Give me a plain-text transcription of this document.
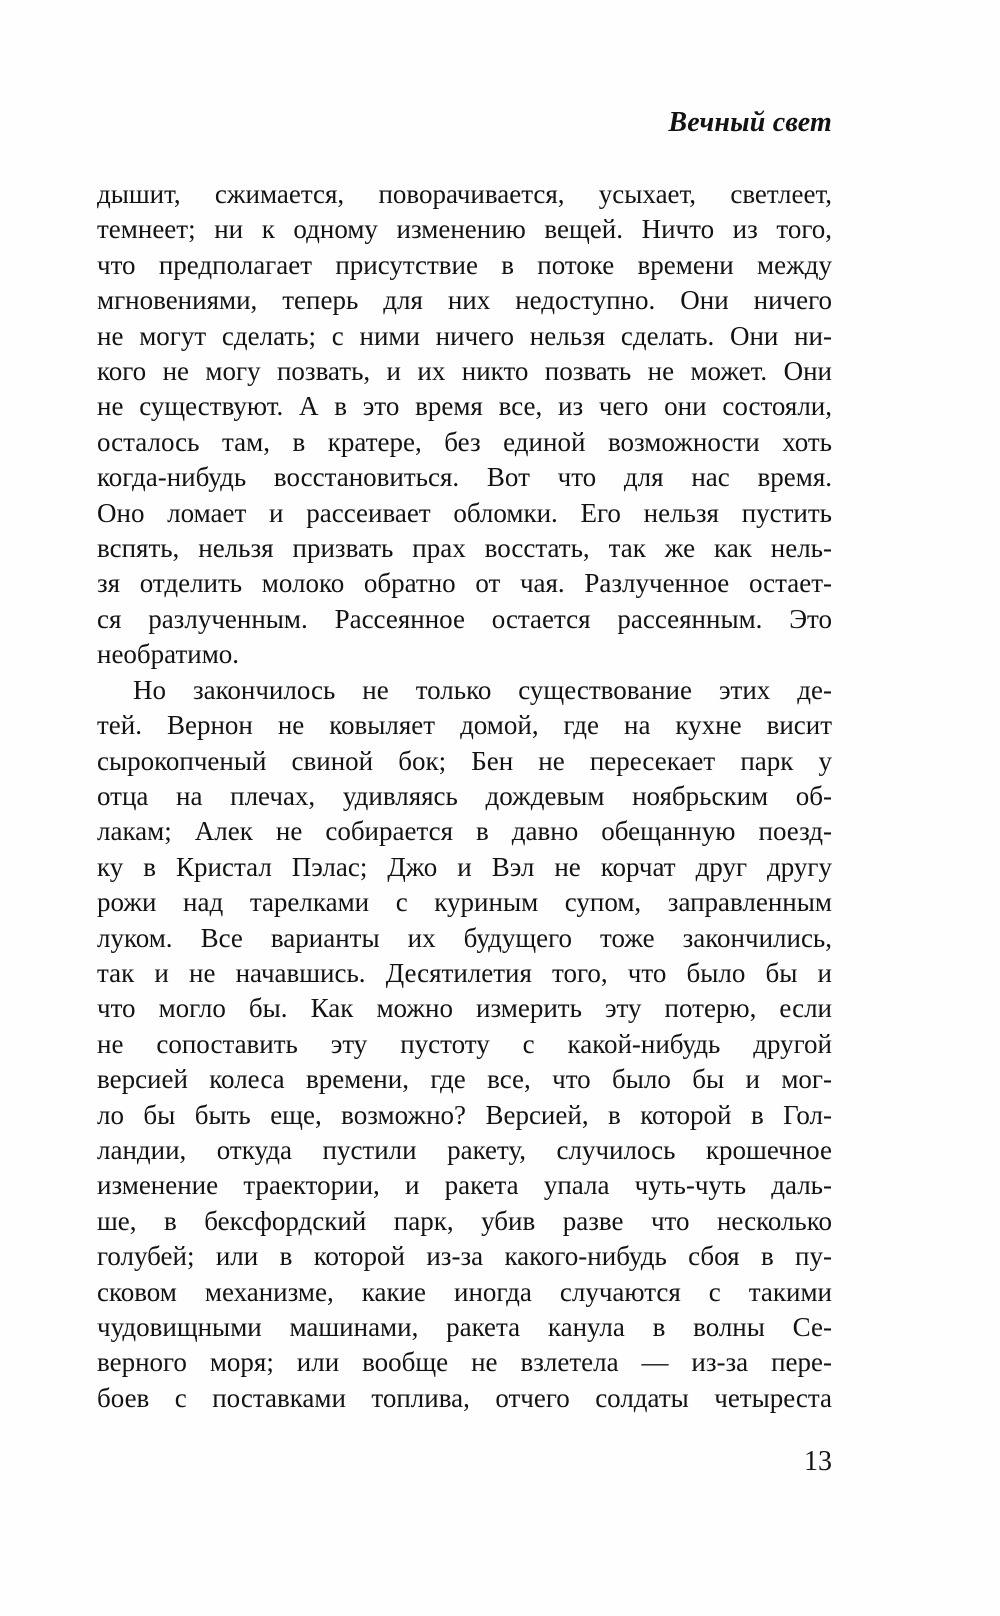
Вечный свет
дышит, сжимается, поворачивается, усыхает, светлеет,
темнеет; ни к одному изменению вещей. Ничто из того,
что предполагает присутствие в потоке времени между
мгновениями, теперь для них недоступно. Они ничего
не могут сделать; с ними ничего нельзя сделать. Они ни-
кого не могу позвать, и их никто позвать не может. Они
не существуют. А в это время все, из чего они состояли,
осталось там, в кратере, без единой возможности хоть
когда-нибудь восстановиться. Вот что для нас время.
Оно ломает и рассеивает обломки. Его нельзя пустить
вспять, нельзя призвать прах восстать, так же как нель-
зя отделить молоко обратно от чая. Разлученное остает-
ся разлученным. Рассеянное остается рассеянным. Это
необратимо.
Но закончилось не только существование этих де-
тей. Вернон не ковыляет домой, где на кухне висит
сырокопченый свиной бок; Бен не пересекает парк у
отца на плечах, удивляясь дождевым ноябрьским об-
лакам; Алек не собирается в давно обещанную поезд-
ку в Кристал Пэлас; Джо и Вэл не корчат друг другу
рожи над тарелками с куриным супом, заправленным
луком. Все варианты их будущего тоже закончились,
так и не начавшись. Десятилетия того, что было бы и
что могло бы. Как можно измерить эту потерю, если
не сопоставить эту пустоту с какой-нибудь другой
версией колеса времени, где все, что было бы и мог-
ло бы быть еще, возможно? Версией, в которой в Гол-
ландии, откуда пустили ракету, случилось крошечное
изменение траектории, и ракета упала чуть-чуть даль-
ше, в бексфордский парк, убив разве что несколько
голубей; или в которой из-за какого-нибудь сбоя в пу-
сковом механизме, какие иногда случаются с такими
чудовищными машинами, ракета канула в волны Се-
верного моря; или вообще не взлетела — из-за пере-
боев с поставками топлива, отчего солдаты четыреста
13
